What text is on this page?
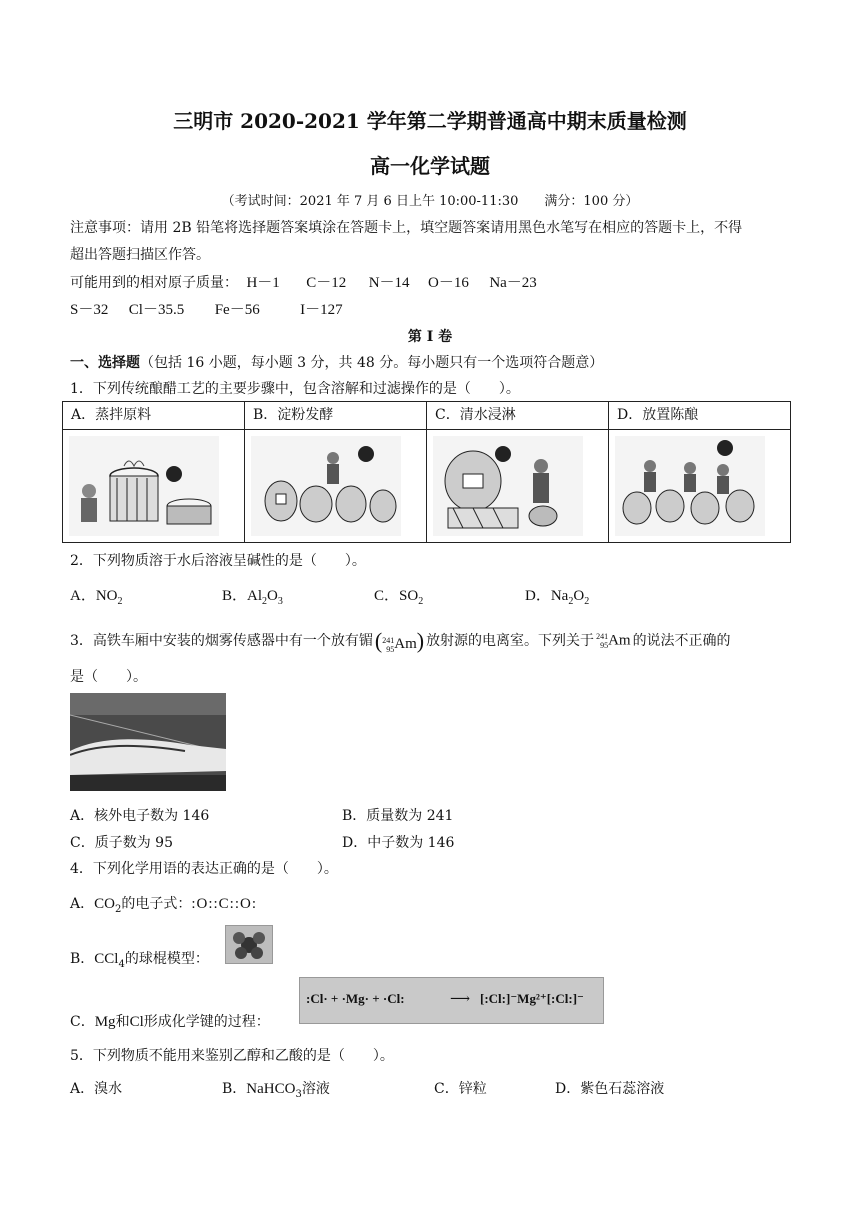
三明市 2020-2021 学年第二学期普通高中期末质量检测
高一化学试题
（考试时间：2021 年 7 月 6 日上午 10:00-11:30　　满分：100 分）
注意事项：请用 2B 铅笔将选择题答案填涂在答题卡上，填空题答案请用黑色水笔写在相应的答题卡上，不得
超出答题扫描区作答。
可能用到的相对原子质量： H－1 C－12 N－14 O－16 Na－23
S－32 Cl－35.5 Fe－56	I－127
第 I 卷
一、选择题（包括 16 小题，每小题 3 分，共 48 分。每小题只有一个选项符合题意）
1．下列传统酿醋工艺的主要步骤中，包含溶解和过滤操作的是（　　）。
A．蒸拌原料	B．淀粉发酵	C．清水浸淋	D．放置陈酿

2．下列物质溶于水后溶液呈碱性的是（　　）。
A．$NO_2$	B．$Al_2O_3$	C．$SO_2$	D．$Na_2O_2$
3．高铁车厢中安装的烟雾传感器中有一个放有镅(241
95Am) 放射源的电离室。下列关于 241
95Am 的说法不正确的
是（　　）。
A．核外电子数为 146	B．质量数为 241
C．质子数为 95	D．中子数为 146
4．下列化学用语的表达正确的是（　　）。
A．$CO_2$的电子式：:O::C::O:
B．CCl$_4$的球棍模型：
C．Mg和Cl形成化学键的过程：
:Cl· + ·Mg· + ·Cl:	⟶ [:Cl:]⁻Mg²⁺[:Cl:]⁻
5．下列物质不能用来鉴别乙醇和乙酸的是（　　）。
A．溴水	B．NaHCO$_3$溶液	C．锌粒	D．紫色石蕊溶液
